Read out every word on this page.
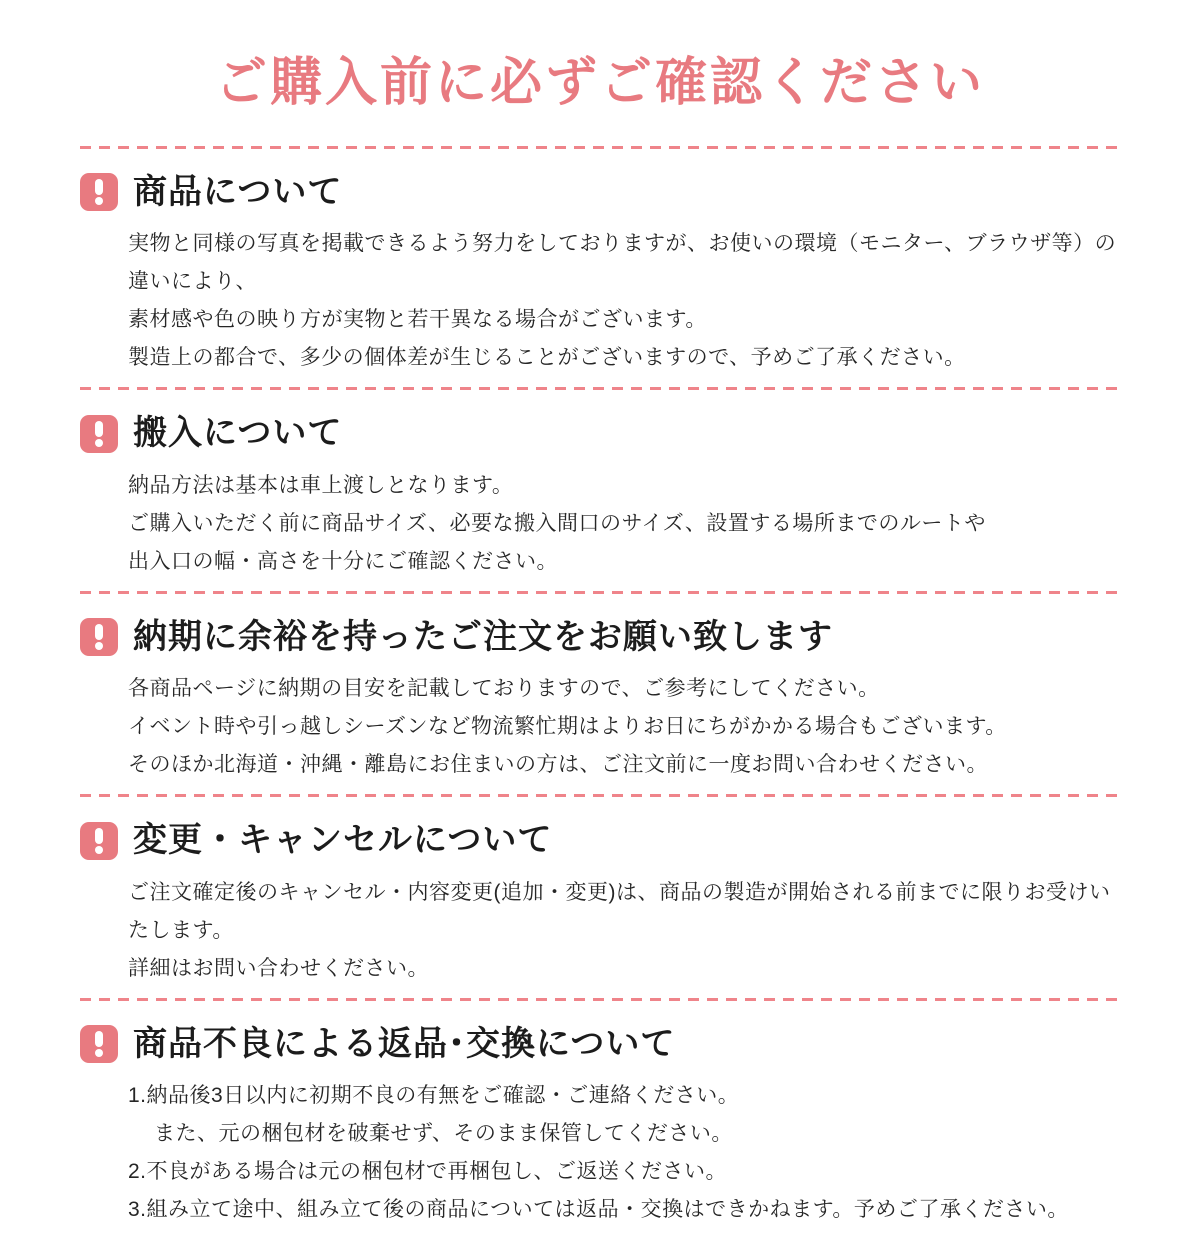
ご購入前に必ずご確認ください
商品について

実物と同様の写真を掲載できるよう努力をしておりますが、お使いの環境（モニター、ブラウザ等）の違いにより、

素材感や色の映り方が実物と若干異なる場合がございます。

製造上の都合で、多少の個体差が生じることがございますので、予めご了承ください。

搬入について

納品方法は基本は車上渡しとなります。

ご購入いただく前に商品サイズ、必要な搬入間口のサイズ、設置する場所までのルートや

出入口の幅・高さを十分にご確認ください。

納期に余裕を持ったご注文をお願い致します

各商品ページに納期の目安を記載しておりますので、ご参考にしてください。

イベント時や引っ越しシーズンなど物流繁忙期はよりお日にちがかかる場合もございます。

そのほか北海道・沖縄・離島にお住まいの方は、ご注文前に一度お問い合わせください。

変更・キャンセルについて

ご注文確定後のキャンセル・内容変更(追加・変更)は、商品の製造が開始される前までに限りお受けいたします。

詳細はお問い合わせください。

商品不良による返品･交換について

1.納品後3日以内に初期不良の有無をご確認・ご連絡ください。

また、元の梱包材を破棄せず、そのまま保管してください。

2.不良がある場合は元の梱包材で再梱包し、ご返送ください。

3.組み立て途中、組み立て後の商品については返品・交換はできかねます。予めご了承ください。
